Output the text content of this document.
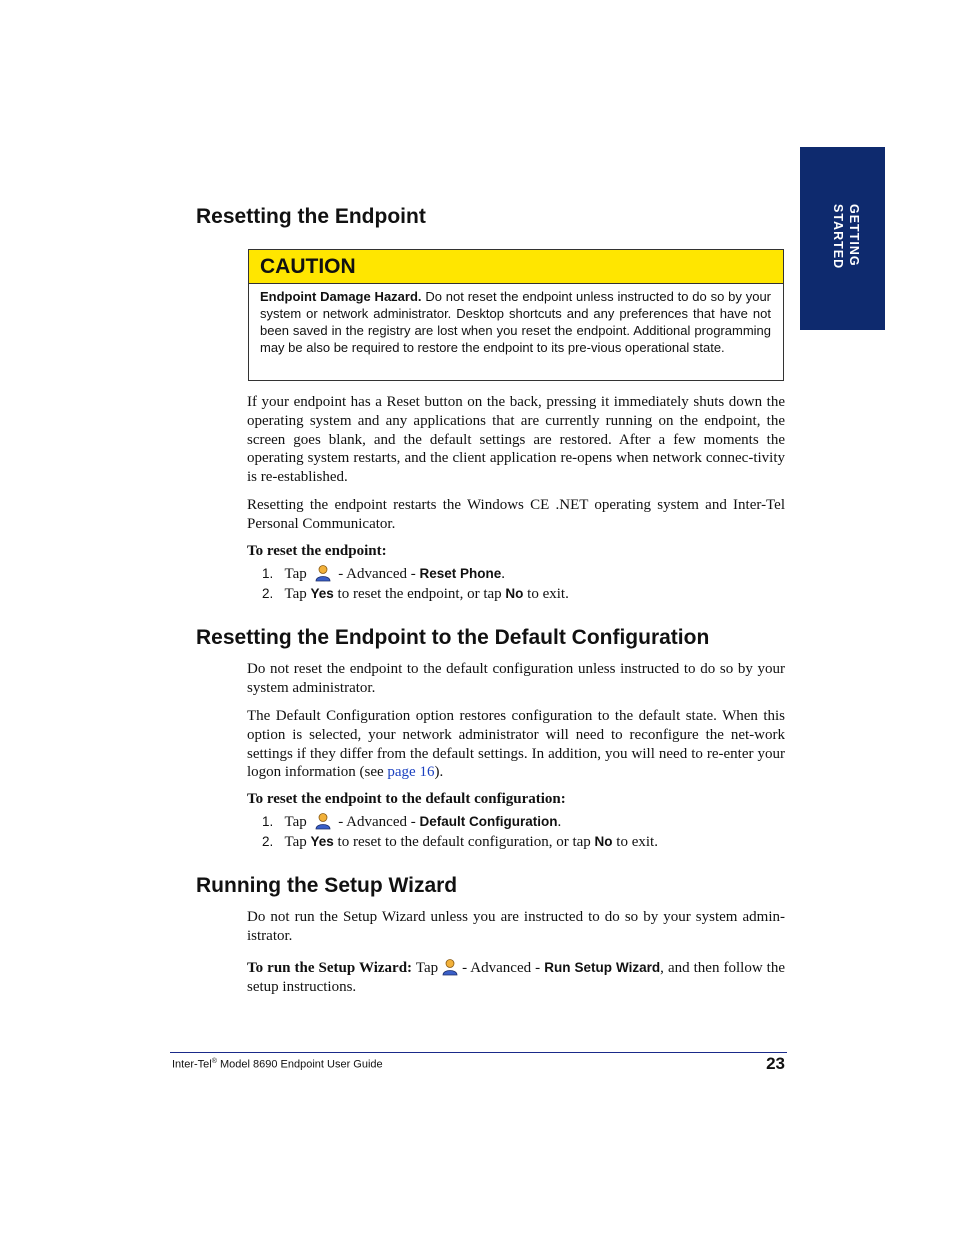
GETTING
STARTED
Resetting the Endpoint
CAUTION
Endpoint Damage Hazard. Do not reset the endpoint unless instructed to do so by your system or network administrator. Desktop shortcuts and any preferences that have not been saved in the registry are lost when you reset the endpoint. Additional programming may be also be required to restore the endpoint to its pre-vious operational state.

If your endpoint has a Reset button on the back, pressing it immediately shuts down the operating system and any applications that are currently running on the endpoint, the screen goes blank, and the default settings are restored. After a few moments the operating system restarts, and the client application re-opens when network connec-tivity is re-established.

Resetting the endpoint restarts the Windows CE .NET operating system and Inter-Tel Personal Communicator.

To reset the endpoint:

1. Tap - Advanced - Reset Phone.

2. Tap Yes to reset the endpoint, or tap No to exit.

Resetting the Endpoint to the Default Configuration

Do not reset the endpoint to the default configuration unless instructed to do so by your system administrator.

The Default Configuration option restores configuration to the default state. When this option is selected, your network administrator will need to reconfigure the net-work settings if they differ from the default settings. In addition, you will need to re-enter your logon information (see page 16).

To reset the endpoint to the default configuration:

1. Tap - Advanced - Default Configuration.

2. Tap Yes to reset to the default configuration, or tap No to exit.

Running the Setup Wizard

Do not run the Setup Wizard unless you are instructed to do so by your system admin-istrator.

To run the Setup Wizard: Tap - Advanced - Run Setup Wizard, and then follow the setup instructions.

Inter-Tel® Model 8690 Endpoint User Guide	23
